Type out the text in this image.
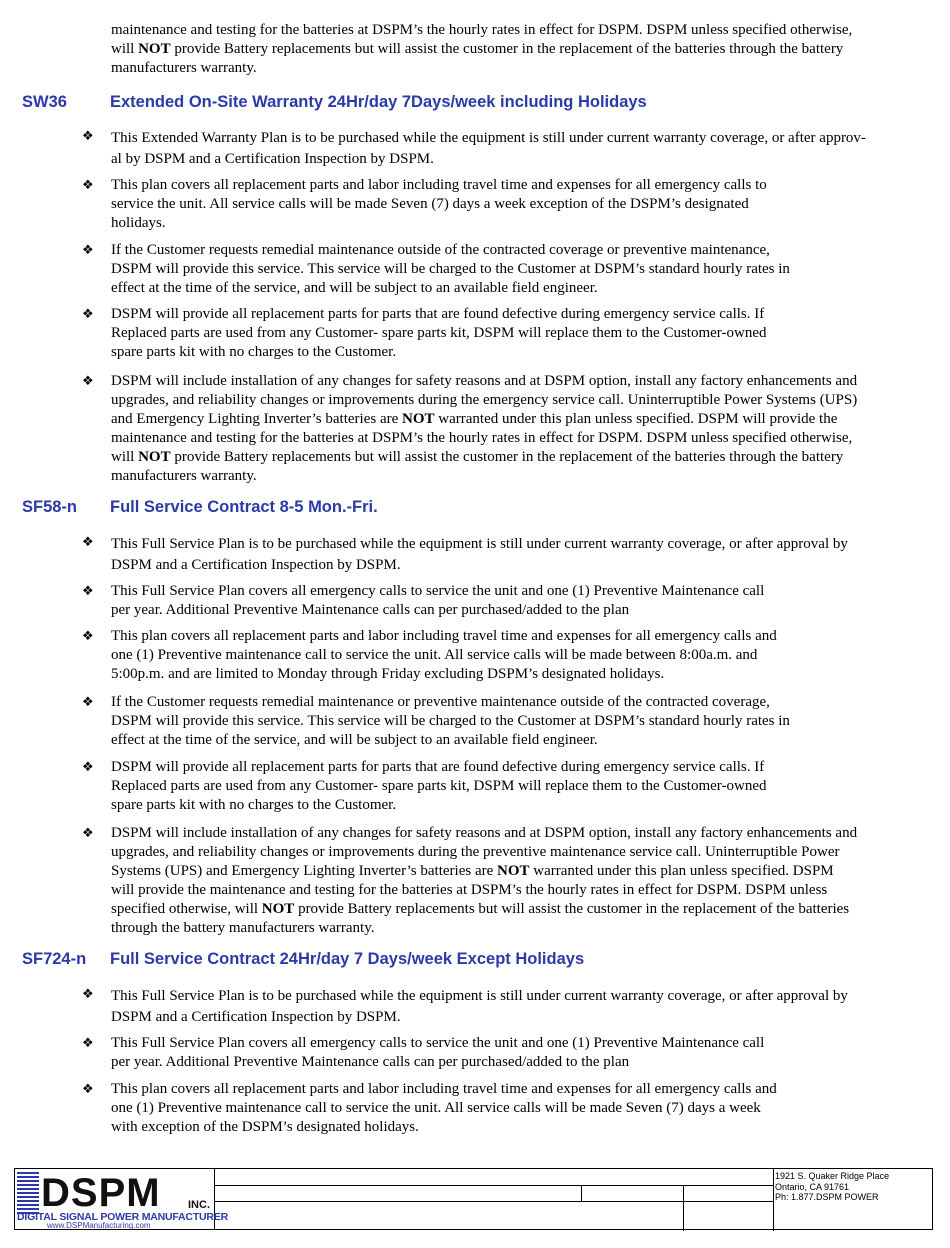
maintenance and testing for the batteries at DSPM’s the hourly rates in effect for DSPM. DSPM unless specified otherwise,
will NOT provide Battery replacements but will assist the customer in the replacement of the batteries through the battery
manufacturers warranty.
SW36	Extended On-Site Warranty 24Hr/day 7Days/week including Holidays
❖	This Extended Warranty Plan is to be purchased while the equipment is still under current warranty coverage, or after approv-
al by DSPM and a Certification Inspection by DSPM.
❖	This plan covers all replacement parts and labor including travel time and expenses for all emergency calls to
service the unit. All service calls will be made Seven (7) days a week exception of the DSPM’s designated
holidays.
❖	If the Customer requests remedial maintenance outside of the contracted coverage or preventive maintenance,
DSPM will provide this service. This service will be charged to the Customer at DSPM’s standard hourly rates in
effect at the time of the service, and will be subject to an available field engineer.
❖	DSPM will provide all replacement parts for parts that are found defective during emergency service calls. If
Replaced parts are used from any Customer- spare parts kit, DSPM will replace them to the Customer-owned
spare parts kit with no charges to the Customer.
❖	DSPM will include installation of any changes for safety reasons and at DSPM option, install any factory enhancements and
upgrades, and reliability changes or improvements during the emergency service call. Uninterruptible Power Systems (UPS)
and Emergency Lighting Inverter’s batteries are NOT warranted under this plan unless specified. DSPM will provide the
maintenance and testing for the batteries at DSPM’s the hourly rates in effect for DSPM. DSPM unless specified otherwise,
will NOT provide Battery replacements but will assist the customer in the replacement of the batteries through the battery
manufacturers warranty.
SF58-n Full Service Contract 8-5 Mon.-Fri.
❖	This Full Service Plan is to be purchased while the equipment is still under current warranty coverage, or after approval by
DSPM and a Certification Inspection by DSPM.
❖	This Full Service Plan covers all emergency calls to service the unit and one (1) Preventive Maintenance call
per year. Additional Preventive Maintenance calls can per purchased/added to the plan
❖	This plan covers all replacement parts and labor including travel time and expenses for all emergency calls and
one (1) Preventive maintenance call to service the unit. All service calls will be made between 8:00a.m. and
5:00p.m. and are limited to Monday through Friday excluding DSPM’s designated holidays.
❖	If the Customer requests remedial maintenance or preventive maintenance outside of the contracted coverage,
DSPM will provide this service. This service will be charged to the Customer at DSPM’s standard hourly rates in
effect at the time of the service, and will be subject to an available field engineer.
❖	DSPM will provide all replacement parts for parts that are found defective during emergency service calls. If
Replaced parts are used from any Customer- spare parts kit, DSPM will replace them to the Customer-owned
spare parts kit with no charges to the Customer.
❖	DSPM will include installation of any changes for safety reasons and at DSPM option, install any factory enhancements and
upgrades, and reliability changes or improvements during the preventive maintenance service call. Uninterruptible Power
Systems (UPS) and Emergency Lighting Inverter’s batteries are NOT warranted under this plan unless specified. DSPM
will provide the maintenance and testing for the batteries at DSPM’s the hourly rates in effect for DSPM. DSPM unless
specified otherwise, will NOT provide Battery replacements but will assist the customer in the replacement of the batteries
through the battery manufacturers warranty.
SF724-n Full Service Contract 24Hr/day 7 Days/week Except Holidays
❖	This Full Service Plan is to be purchased while the equipment is still under current warranty coverage, or after approval by
DSPM and a Certification Inspection by DSPM.
❖	This Full Service Plan covers all emergency calls to service the unit and one (1) Preventive Maintenance call
per year. Additional Preventive Maintenance calls can per purchased/added to the plan
❖	This plan covers all replacement parts and labor including travel time and expenses for all emergency calls and
one (1) Preventive maintenance call to service the unit. All service calls will be made Seven (7) days a week
with exception of the DSPM’s designated holidays.
DSPM INC.
DIGITAL SIGNAL POWER MANUFACTURER
www.DSPManufacturing.com
1921 S. Quaker Ridge Place
Ontario, CA 91761
Ph: 1.877.DSPM POWER
